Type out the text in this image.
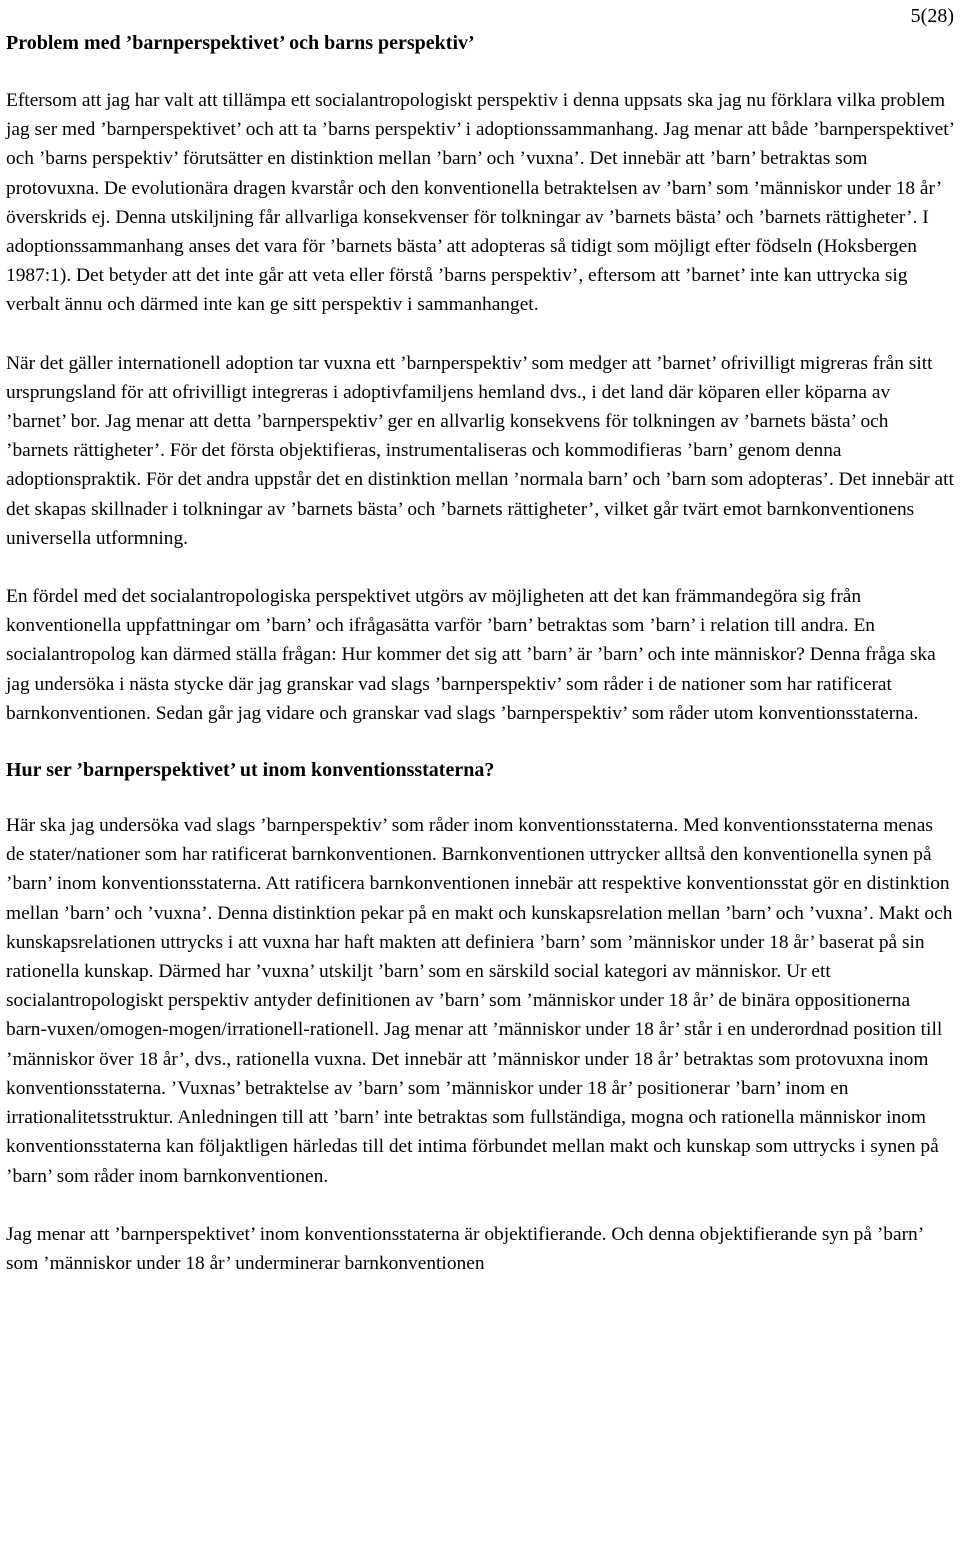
5(28)
Problem med ’barnperspektivet’ och barns perspektiv’

Eftersom att jag har valt att tillämpa ett socialantropologiskt perspektiv i denna uppsats ska jag nu förklara vilka problem jag ser med ’barnperspektivet’ och att ta ’barns perspektiv’ i adoptionssammanhang. Jag menar att både ’barnperspektivet’ och ’barns perspektiv’ förutsätter en distinktion mellan ’barn’ och ’vuxna’. Det innebär att ’barn’ betraktas som protovuxna. De evolutionära dragen kvarstår och den konventionella betraktelsen av ’barn’ som ’människor under 18 år’ överskrids ej. Denna utskiljning får allvarliga konsekvenser för tolkningar av ’barnets bästa’ och ’barnets rättigheter’. I adoptionssammanhang anses det vara för ’barnets bästa’ att adopteras så tidigt som möjligt efter födseln (Hoksbergen 1987:1). Det betyder att det inte går att veta eller förstå ’barns perspektiv’, eftersom att ’barnet’ inte kan uttrycka sig verbalt ännu och därmed inte kan ge sitt perspektiv i sammanhanget.

När det gäller internationell adoption tar vuxna ett ’barnperspektiv’ som medger att ’barnet’ ofrivilligt migreras från sitt ursprungsland för att ofrivilligt integreras i adoptivfamiljens hemland dvs., i det land där köparen eller köparna av ’barnet’ bor. Jag menar att detta ’barnperspektiv’ ger en allvarlig konsekvens för tolkningen av ’barnets bästa’ och ’barnets rättigheter’. För det första objektifieras, instrumentaliseras och kommodifieras ’barn’ genom denna adoptionspraktik. För det andra uppstår det en distinktion mellan ’normala barn’ och ’barn som adopteras’. Det innebär att det skapas skillnader i tolkningar av ’barnets bästa’ och ’barnets rättigheter’, vilket går tvärt emot barnkonventionens universella utformning.

En fördel med det socialantropologiska perspektivet utgörs av möjligheten att det kan främmandegöra sig från konventionella uppfattningar om ’barn’ och ifrågasätta varför ’barn’ betraktas som ’barn’ i relation till andra. En socialantropolog kan därmed ställa frågan: Hur kommer det sig att ’barn’ är ’barn’ och inte människor? Denna fråga ska jag undersöka i nästa stycke där jag granskar vad slags ’barnperspektiv’ som råder i de nationer som har ratificerat barnkonventionen. Sedan går jag vidare och granskar vad slags ’barnperspektiv’ som råder utom konventionsstaterna.

Hur ser ’barnperspektivet’ ut inom konventionsstaterna?

Här ska jag undersöka vad slags ’barnperspektiv’ som råder inom konventionsstaterna. Med konventionsstaterna menas de stater/nationer som har ratificerat barnkonventionen. Barnkonventionen uttrycker alltså den konventionella synen på ’barn’ inom konventionsstaterna. Att ratificera barnkonventionen innebär att respektive konventionsstat gör en distinktion mellan ’barn’ och ’vuxna’. Denna distinktion pekar på en makt och kunskapsrelation mellan ’barn’ och ’vuxna’. Makt och kunskapsrelationen uttrycks i att vuxna har haft makten att definiera ’barn’ som ’människor under 18 år’ baserat på sin rationella kunskap. Därmed har ’vuxna’ utskiljt ’barn’ som en särskild social kategori av människor. Ur ett socialantropologiskt perspektiv antyder definitionen av ’barn’ som ’människor under 18 år’ de binära oppositionerna barn-vuxen/omogen-mogen/irrationell-rationell. Jag menar att ’människor under 18 år’ står i en underordnad position till ’människor över 18 år’, dvs., rationella vuxna. Det innebär att ’människor under 18 år’ betraktas som protovuxna inom konventionsstaterna. ’Vuxnas’ betraktelse av ’barn’ som ’människor under 18 år’ positionerar ’barn’ inom en irrationalitetsstruktur. Anledningen till att ’barn’ inte betraktas som fullständiga, mogna och rationella människor inom konventionsstaterna kan följaktligen härledas till det intima förbundet mellan makt och kunskap som uttrycks i synen på ’barn’ som råder inom barnkonventionen.

Jag menar att ’barnperspektivet’ inom konventionsstaterna är objektifierande. Och denna objektifierande syn på ’barn’ som ’människor under 18 år’ underminerar barnkonventionen
